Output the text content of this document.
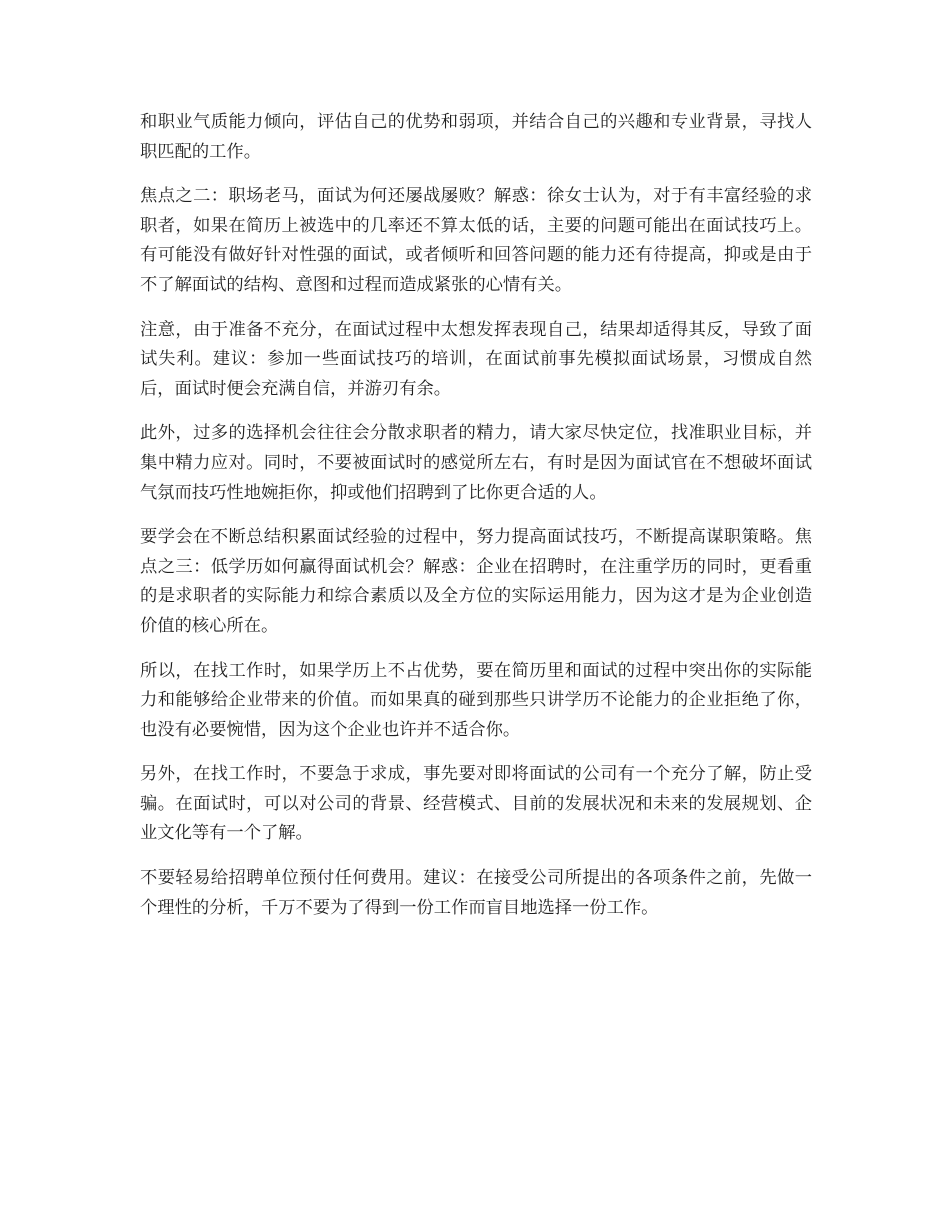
和职业气质能力倾向，评估自己的优势和弱项，并结合自己的兴趣和专业背景，寻找人职匹配的工作。

焦点之二：职场老马，面试为何还屡战屡败？解惑：徐女士认为，对于有丰富经验的求职者，如果在简历上被选中的几率还不算太低的话，主要的问题可能出在面试技巧上。有可能没有做好针对性强的面试，或者倾听和回答问题的能力还有待提高，抑或是由于不了解面试的结构、意图和过程而造成紧张的心情有关。

注意，由于准备不充分，在面试过程中太想发挥表现自己，结果却适得其反，导致了面试失利。建议：参加一些面试技巧的培训，在面试前事先模拟面试场景，习惯成自然后，面试时便会充满自信，并游刃有余。

此外，过多的选择机会往往会分散求职者的精力，请大家尽快定位，找准职业目标，并集中精力应对。同时，不要被面试时的感觉所左右，有时是因为面试官在不想破坏面试气氛而技巧性地婉拒你，抑或他们招聘到了比你更合适的人。

要学会在不断总结积累面试经验的过程中，努力提高面试技巧，不断提高谋职策略。焦点之三：低学历如何赢得面试机会？解惑：企业在招聘时，在注重学历的同时，更看重的是求职者的实际能力和综合素质以及全方位的实际运用能力，因为这才是为企业创造价值的核心所在。

所以，在找工作时，如果学历上不占优势，要在简历里和面试的过程中突出你的实际能力和能够给企业带来的价值。而如果真的碰到那些只讲学历不论能力的企业拒绝了你，也没有必要惋惜，因为这个企业也许并不适合你。

另外，在找工作时，不要急于求成，事先要对即将面试的公司有一个充分了解，防止受骗。在面试时，可以对公司的背景、经营模式、目前的发展状况和未来的发展规划、企业文化等有一个了解。

不要轻易给招聘单位预付任何费用。建议：在接受公司所提出的各项条件之前，先做一个理性的分析，千万不要为了得到一份工作而盲目地选择一份工作。
